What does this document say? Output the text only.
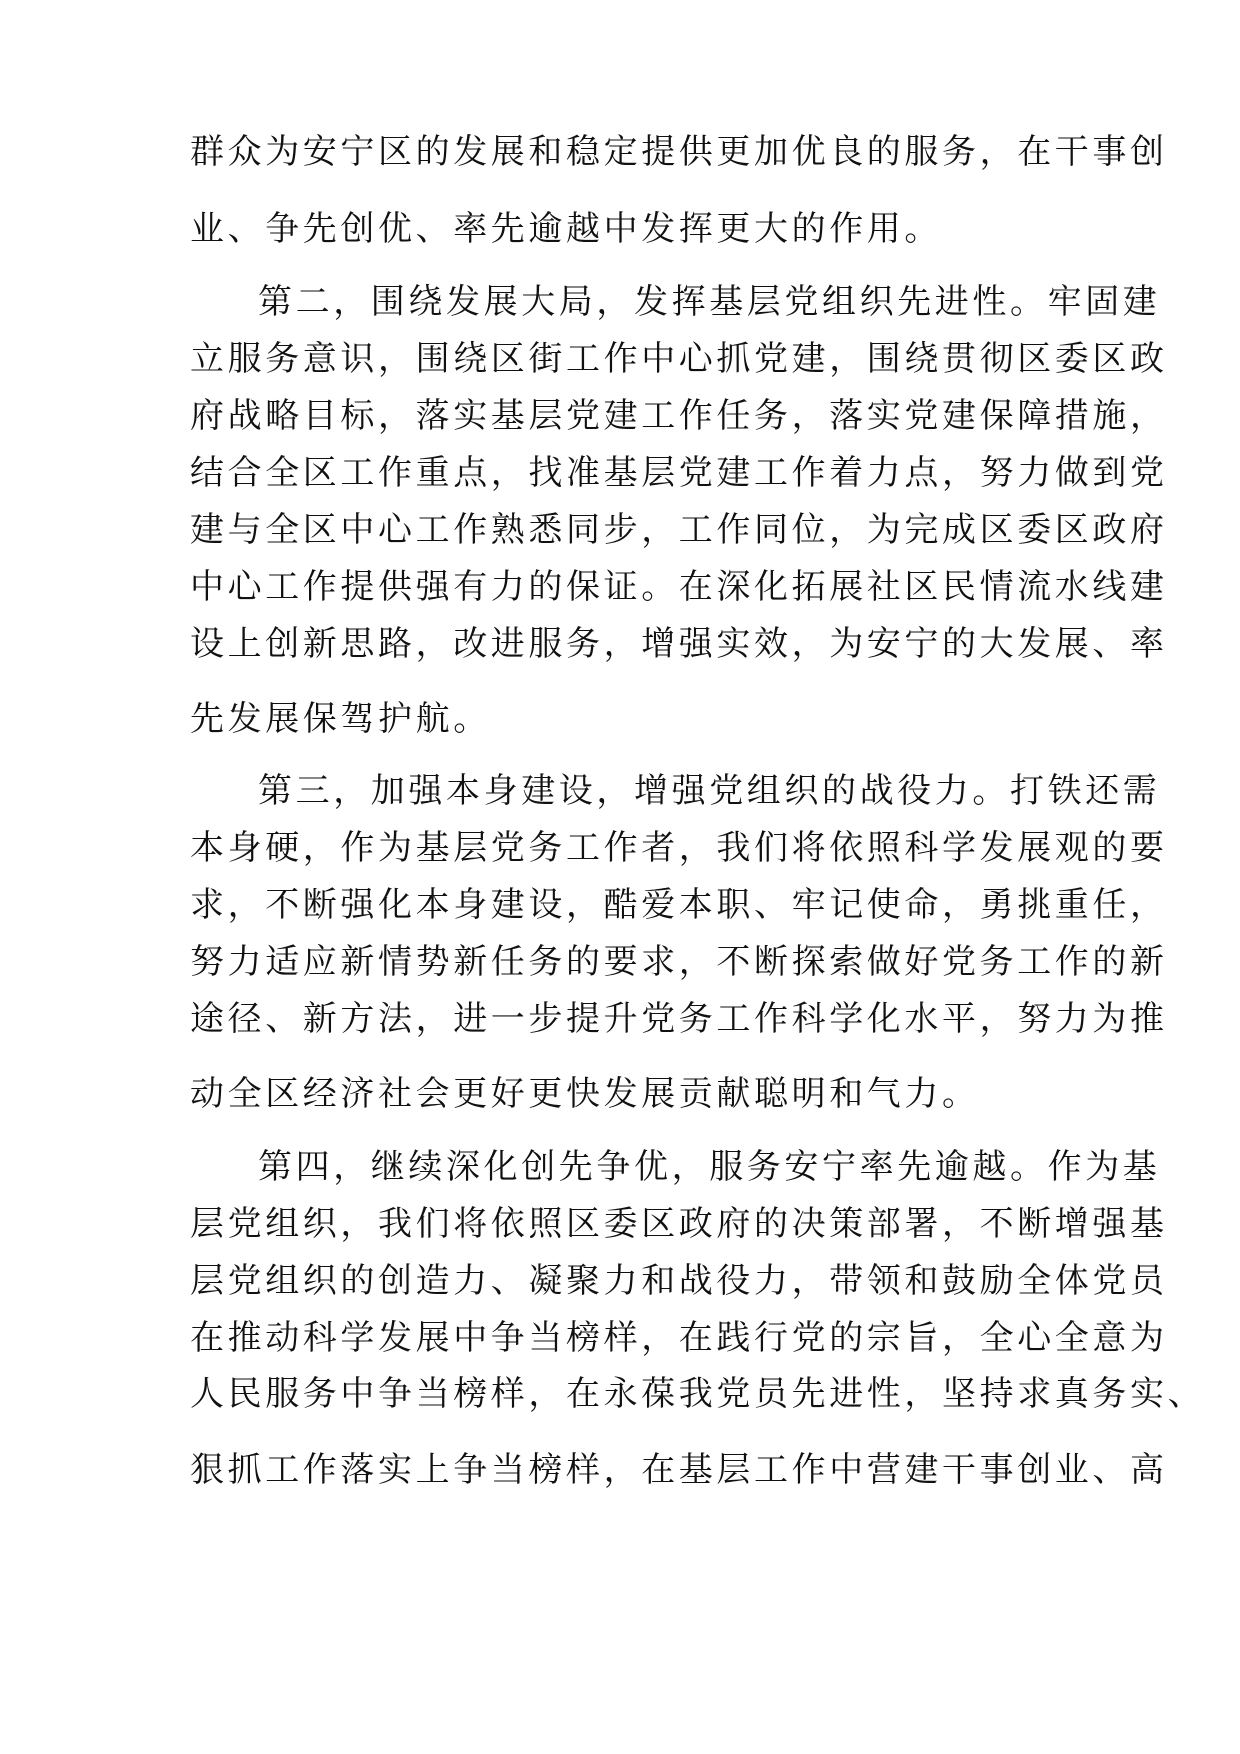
群众为安宁区的发展和稳定提供更加优良的服务，在干事创
业、争先创优、率先逾越中发挥更大的作用。
第二，围绕发展大局，发挥基层党组织先进性。牢固建
立服务意识，围绕区街工作中心抓党建，围绕贯彻区委区政
府战略目标，落实基层党建工作任务，落实党建保障措施，
结合全区工作重点，找准基层党建工作着力点，努力做到党
建与全区中心工作熟悉同步，工作同位，为完成区委区政府
中心工作提供强有力的保证。在深化拓展社区民情流水线建
设上创新思路，改进服务，增强实效，为安宁的大发展、率
先发展保驾护航。
第三，加强本身建设，增强党组织的战役力。打铁还需
本身硬，作为基层党务工作者，我们将依照科学发展观的要
求，不断强化本身建设，酷爱本职、牢记使命，勇挑重任，
努力适应新情势新任务的要求，不断探索做好党务工作的新
途径、新方法，进一步提升党务工作科学化水平，努力为推
动全区经济社会更好更快发展贡献聪明和气力。
第四，继续深化创先争优，服务安宁率先逾越。作为基
层党组织，我们将依照区委区政府的决策部署，不断增强基
层党组织的创造力、凝聚力和战役力，带领和鼓励全体党员
在推动科学发展中争当榜样，在践行党的宗旨，全心全意为
人民服务中争当榜样，在永葆我党员先进性，坚持求真务实、
狠抓工作落实上争当榜样，在基层工作中营建干事创业、高
